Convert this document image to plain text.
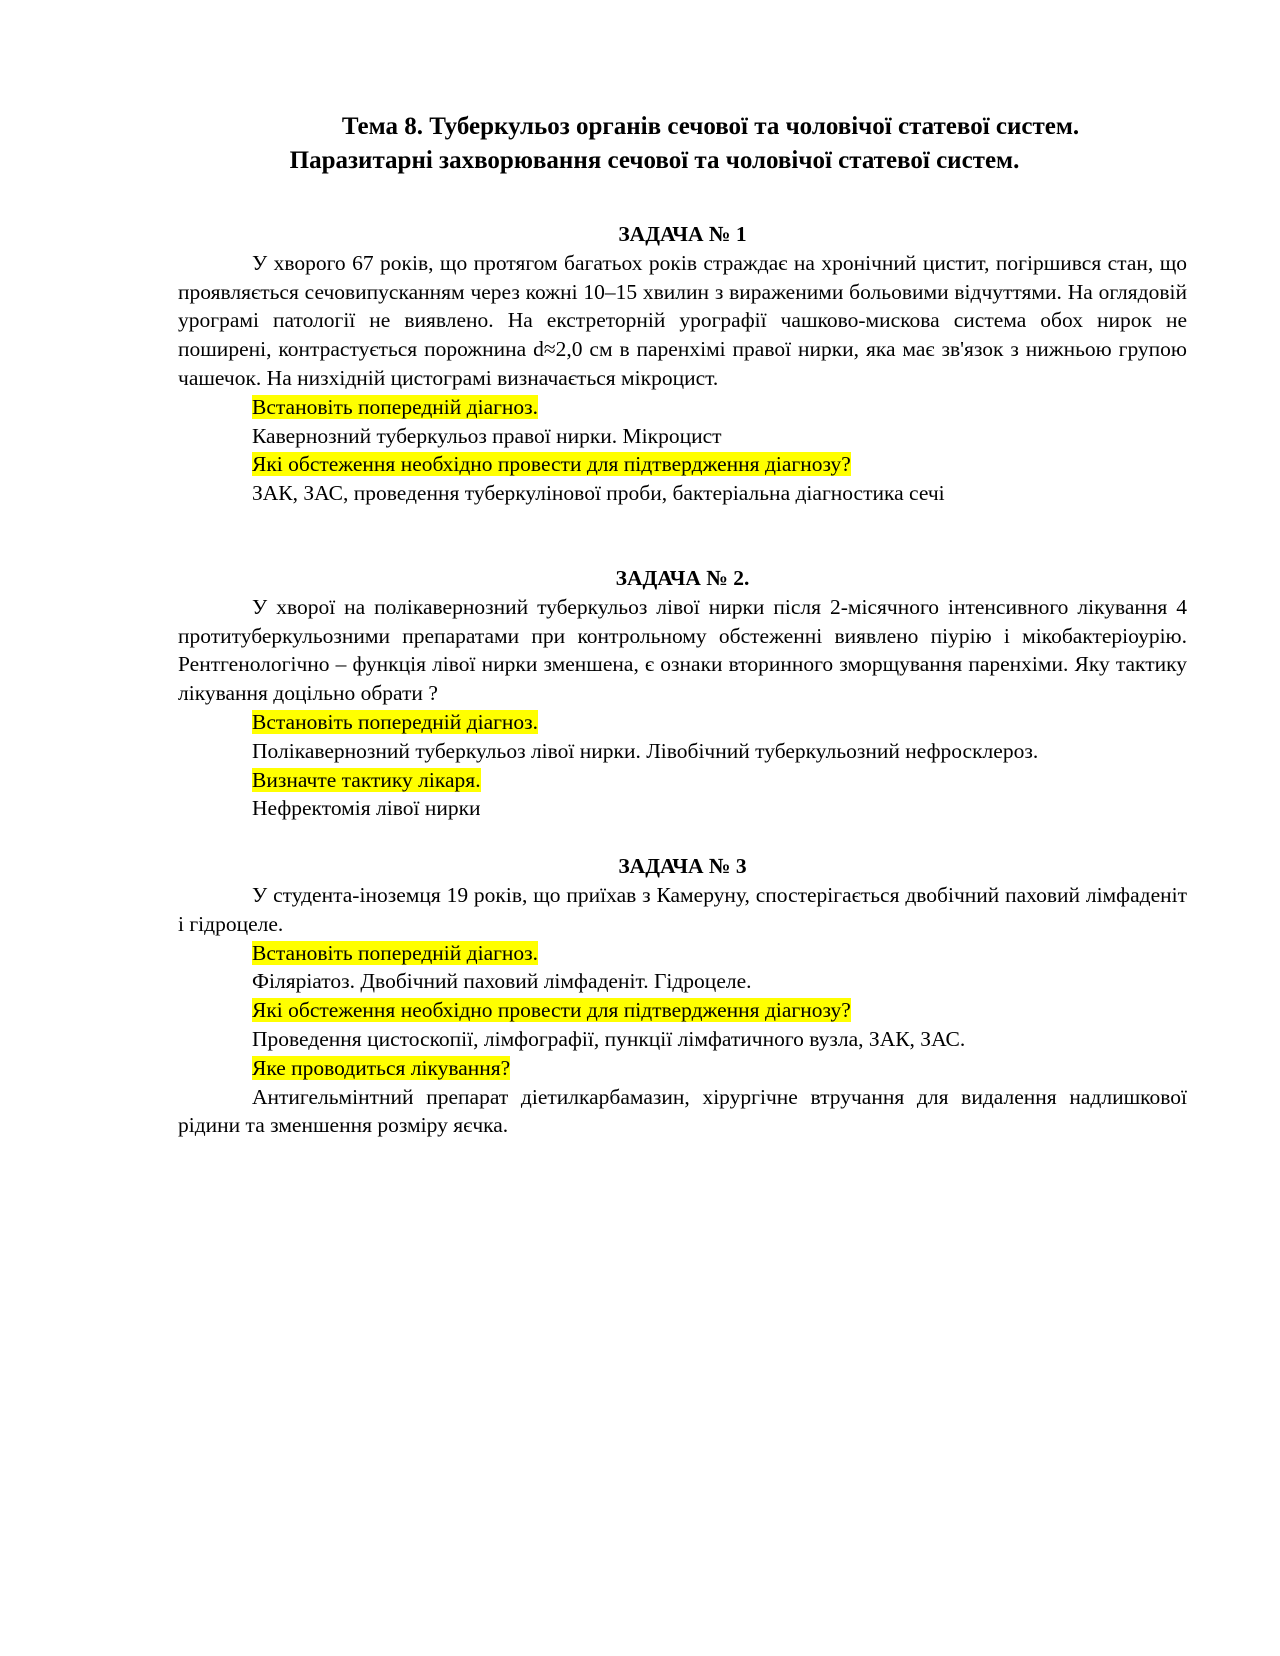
Тема 8. Туберкульоз органів сечової та чоловічої статевої систем.
Паразитарні захворювання сечової та чоловічої статевої систем.
ЗАДАЧА № 1

У хворого 67 років, що протягом багатьох років страждає на хронічний цистит, погіршився стан, що проявляється сечовипусканням через кожні 10–15 хвилин з вираженими больовими відчуттями. На оглядовій урограмі патології не виявлено. На екстреторній урографії чашково-мискова система обох нирок не поширені, контрастується порожнина d≈2,0 см в паренхімі правої нирки, яка має зв'язок з нижньою групою чашечок. На низхідній цистограмі визначається мікроцист.

Встановіть попередній діагноз.
Кавернозний туберкульоз правої нирки. Мікроцист
Які обстеження необхідно провести для підтвердження діагнозу?
ЗАК, ЗАС, проведення туберкулінової проби, бактеріальна діагностика сечі
ЗАДАЧА № 2.

У хворої на полікавернозний туберкульоз лівої нирки після 2-місячного інтенсивного лікування 4 протитуберкульозними препаратами при контрольному обстеженні виявлено піурію і мікобактеріоурію. Рентгенологічно – функція лівої нирки зменшена, є ознаки вторинного зморщування паренхіми. Яку тактику лікування доцільно обрати ?

Встановіть попередній діагноз.
Полікавернозний туберкульоз лівої нирки. Лівобічний туберкульозний нефросклероз.
Визначте тактику лікаря.
Нефректомія лівої нирки
ЗАДАЧА № 3

У студента-іноземця 19 років, що приїхав з Камеруну, спостерігається двобічний паховий лімфаденіт і гідроцеле.

Встановіть попередній діагноз.
Філяріатоз. Двобічний паховий лімфаденіт. Гідроцеле.
Які обстеження необхідно провести для підтвердження діагнозу?
Проведення цистоскопії, лімфографії, пункції лімфатичного вузла, ЗАК, ЗАС.
Яке проводиться лікування?

Антигельмінтний препарат діетилкарбамазин, хірургічне втручання для видалення надлишкової рідини та зменшення розміру яєчка.
